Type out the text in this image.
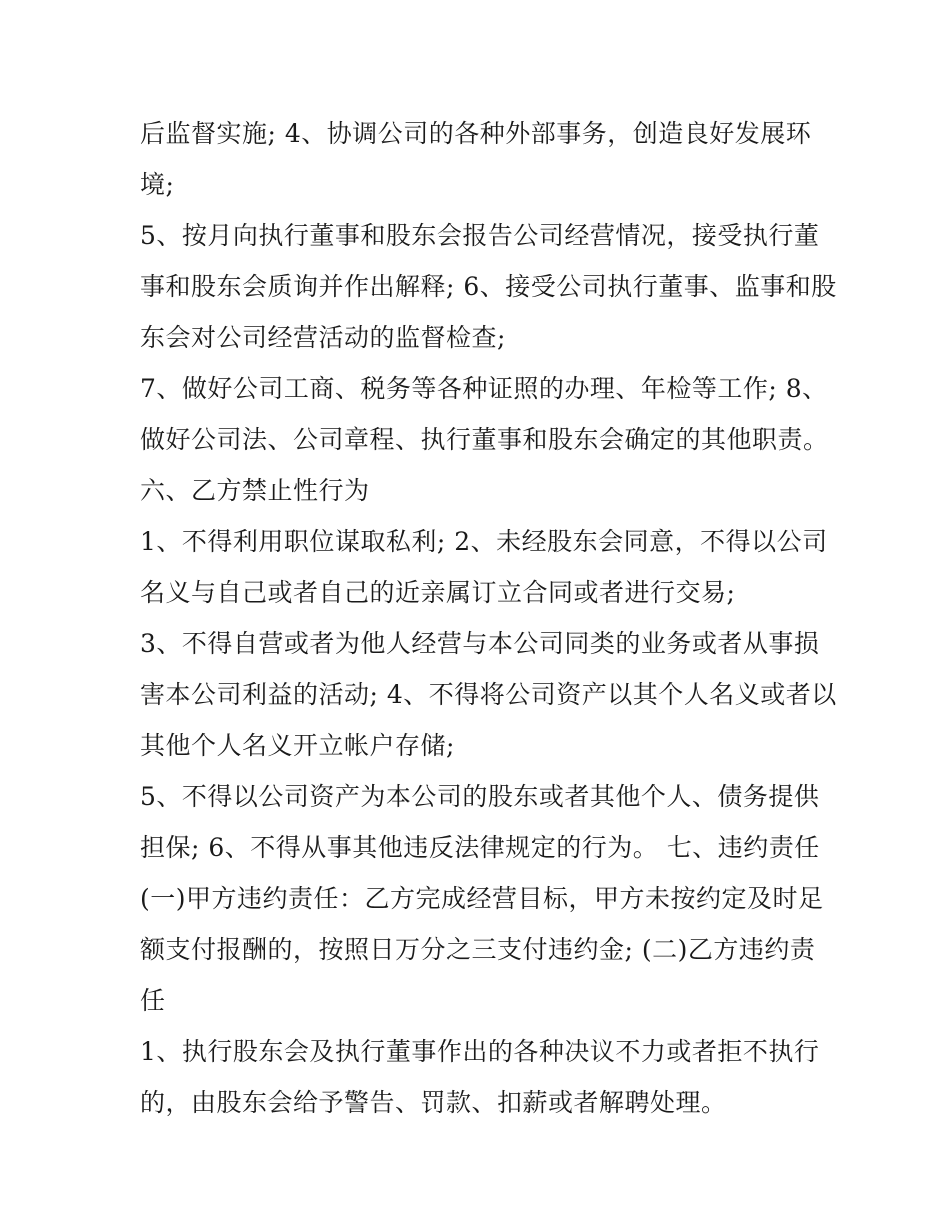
后监督实施; 4、协调公司的各种外部事务，创造良好发展环
境;
5、按月向执行董事和股东会报告公司经营情况，接受执行董
事和股东会质询并作出解释; 6、接受公司执行董事、监事和股
东会对公司经营活动的监督检查;
7、做好公司工商、税务等各种证照的办理、年检等工作; 8、
做好公司法、公司章程、执行董事和股东会确定的其他职责。
六、乙方禁止性行为
1、不得利用职位谋取私利; 2、未经股东会同意，不得以公司
名义与自己或者自己的近亲属订立合同或者进行交易;
3、不得自营或者为他人经营与本公司同类的业务或者从事损
害本公司利益的活动; 4、不得将公司资产以其个人名义或者以
其他个人名义开立帐户存储;
5、不得以公司资产为本公司的股东或者其他个人、债务提供
担保; 6、不得从事其他违反法律规定的行为。 七、违约责任
(一)甲方违约责任：乙方完成经营目标，甲方未按约定及时足
额支付报酬的，按照日万分之三支付违约金; (二)乙方违约责
任
1、执行股东会及执行董事作出的各种决议不力或者拒不执行
的，由股东会给予警告、罚款、扣薪或者解聘处理。
